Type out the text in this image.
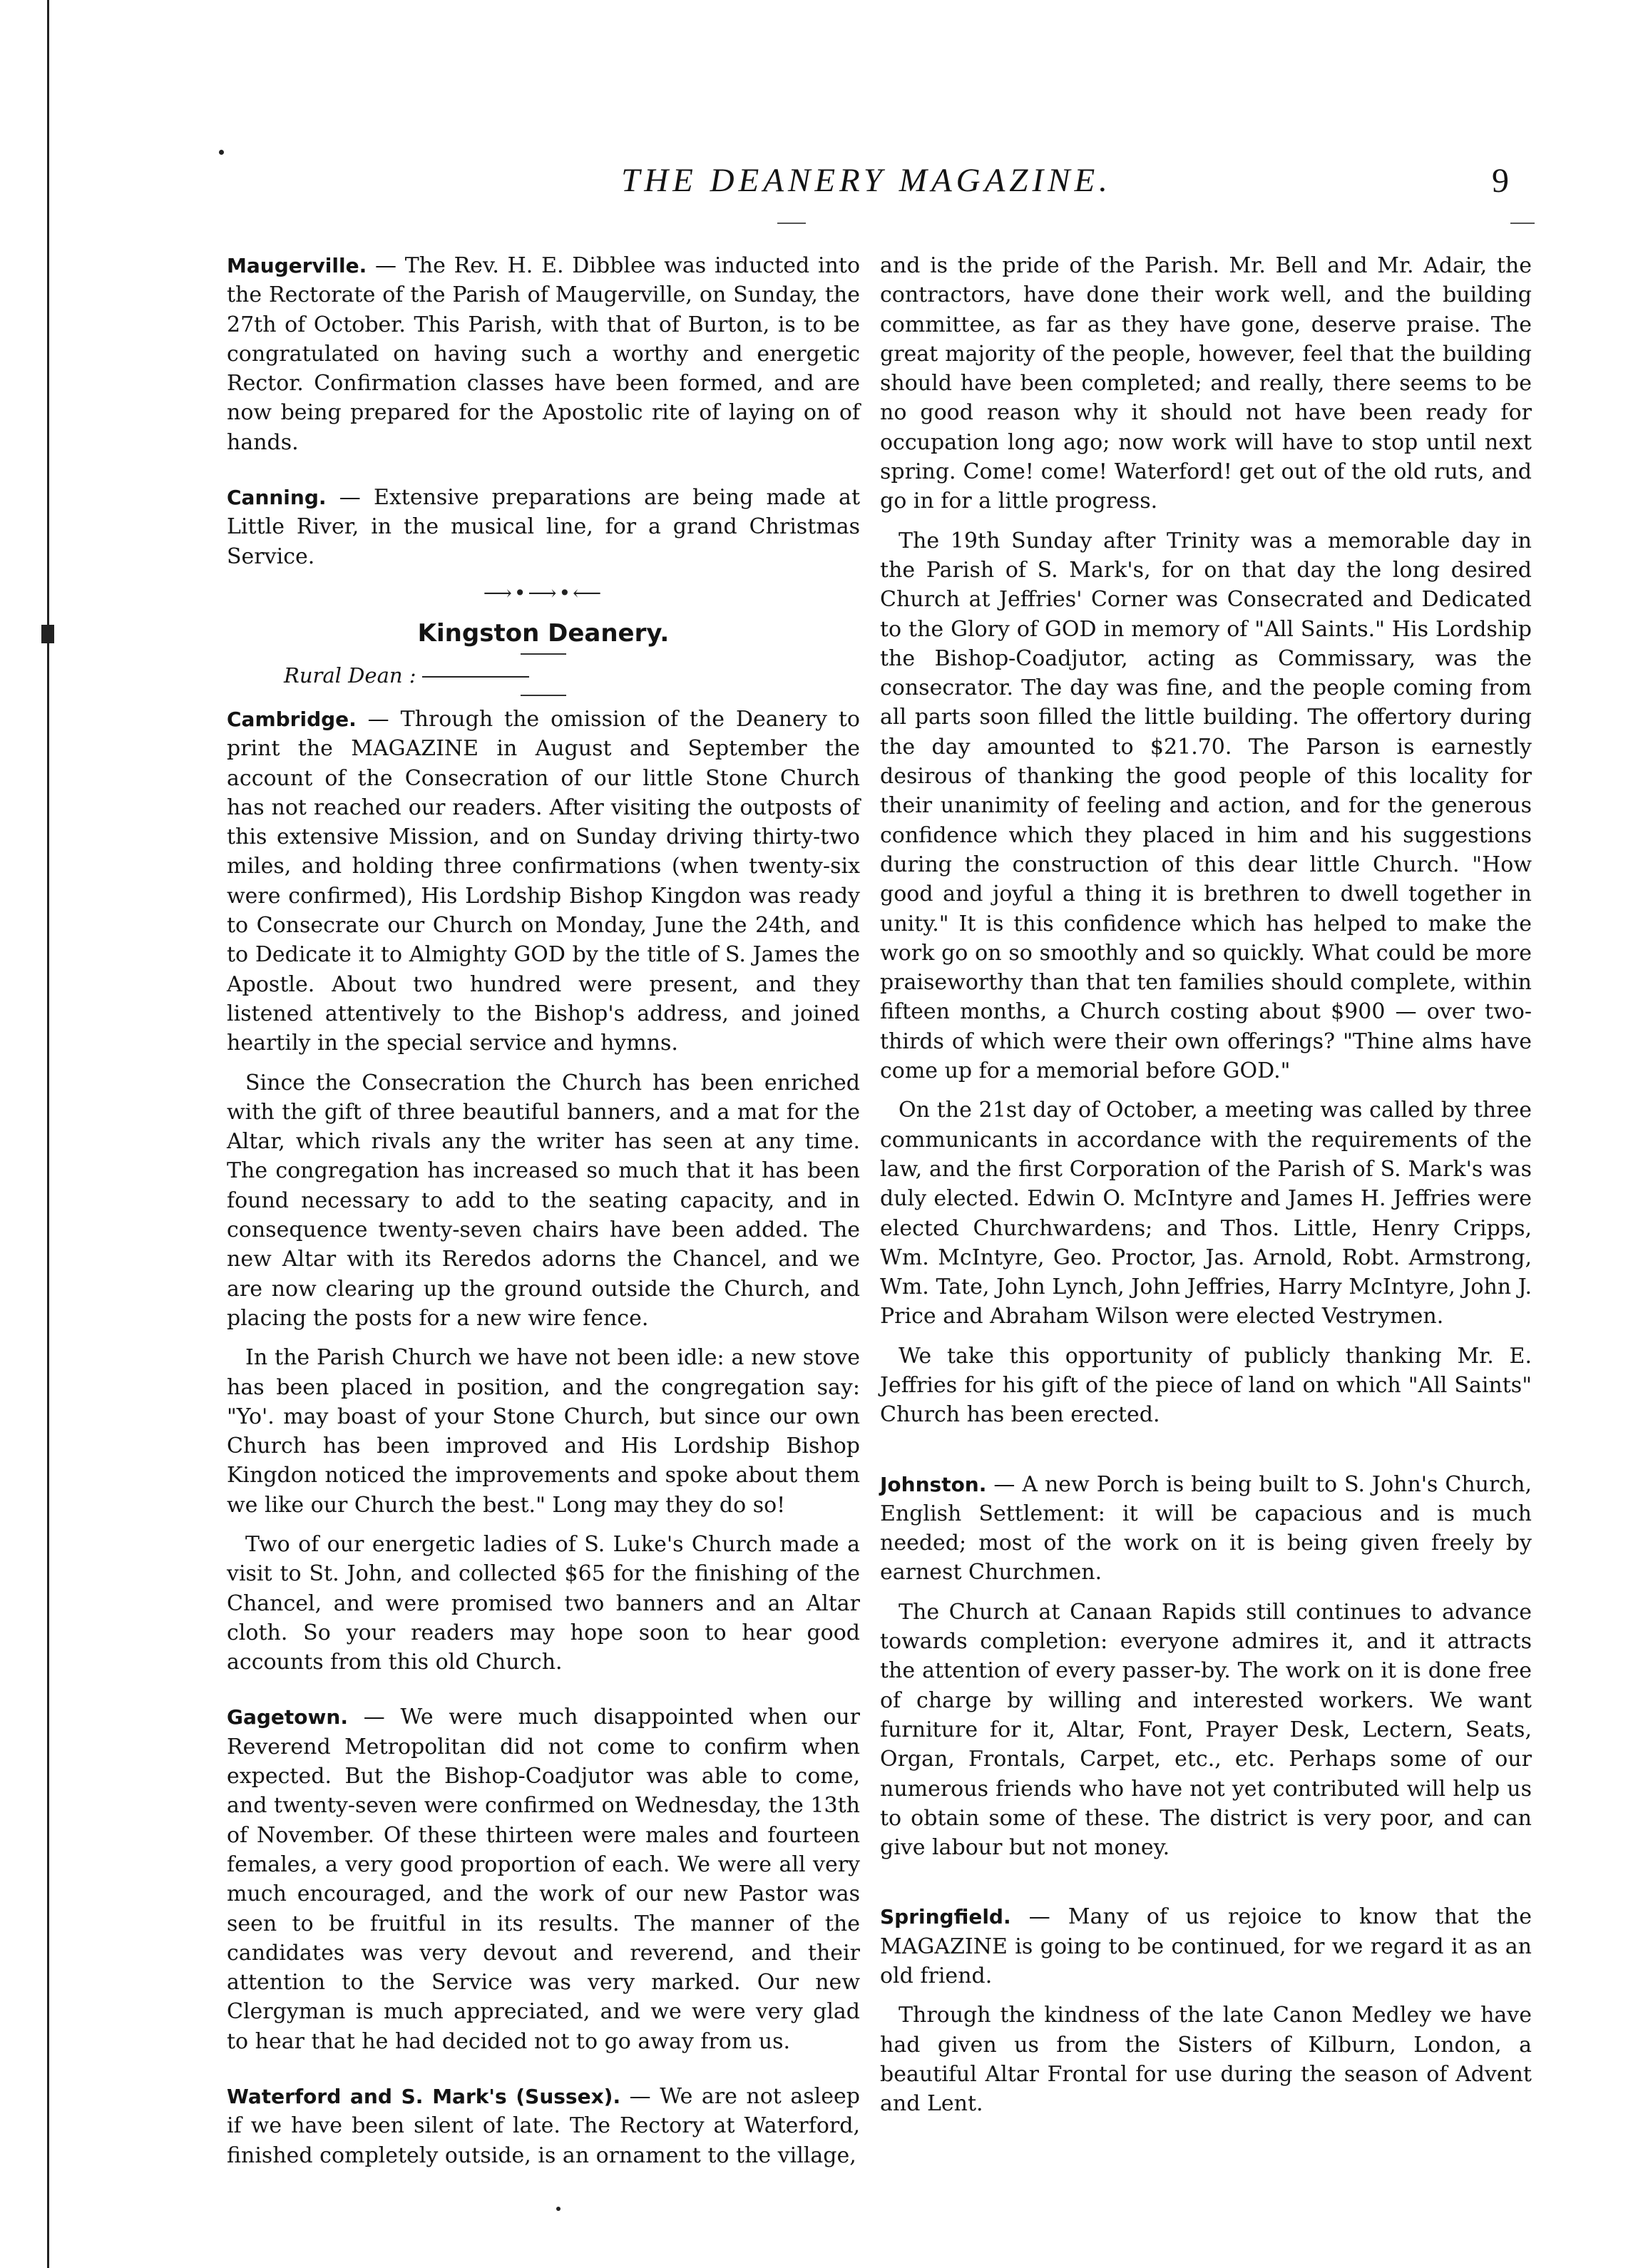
THE DEANERY MAGAZINE.	9

Maugerville. — The Rev. H. E. Dibblee was inducted into the Rectorate of the Parish of Maugerville, on Sunday, the 27th of October. This Parish, with that of Burton, is to be congratulated on having such a worthy and energetic Rector. Confirmation classes have been formed, and are now being prepared for the Apostolic rite of laying on of hands.

Canning. — Extensive preparations are being made at Little River, in the musical line, for a grand Christmas Service.

⟶•⟶•⟵
Kingston Deanery.
Rural Dean :

Cambridge. — Through the omission of the Deanery to print the MAGAZINE in August and September the account of the Consecration of our little Stone Church has not reached our readers. After visiting the outposts of this extensive Mission, and on Sunday driving thirty-two miles, and holding three confirmations (when twenty-six were confirmed), His Lordship Bishop Kingdon was ready to Consecrate our Church on Monday, June the 24th, and to Dedicate it to Almighty GOD by the title of S. James the Apostle. About two hundred were present, and they listened attentively to the Bishop's address, and joined heartily in the special service and hymns.

Since the Consecration the Church has been enriched with the gift of three beautiful banners, and a mat for the Altar, which rivals any the writer has seen at any time. The congregation has increased so much that it has been found necessary to add to the seating capacity, and in consequence twenty-seven chairs have been added. The new Altar with its Reredos adorns the Chancel, and we are now clearing up the ground outside the Church, and placing the posts for a new wire fence.

In the Parish Church we have not been idle: a new stove has been placed in position, and the congregation say: "Yo'. may boast of your Stone Church, but since our own Church has been improved and His Lordship Bishop Kingdon noticed the improvements and spoke about them we like our Church the best." Long may they do so!

Two of our energetic ladies of S. Luke's Church made a visit to St. John, and collected $65 for the finishing of the Chancel, and were promised two banners and an Altar cloth. So your readers may hope soon to hear good accounts from this old Church.

Gagetown. — We were much disappointed when our Reverend Metropolitan did not come to confirm when expected. But the Bishop-Coadjutor was able to come, and twenty-seven were confirmed on Wednesday, the 13th of November. Of these thirteen were males and fourteen females, a very good proportion of each. We were all very much encouraged, and the work of our new Pastor was seen to be fruitful in its results. The manner of the candidates was very devout and reverend, and their attention to the Service was very marked. Our new Clergyman is much appreciated, and we were very glad to hear that he had decided not to go away from us.

Waterford and S. Mark's (Sussex). — We are not asleep if we have been silent of late. The Rectory at Waterford, finished completely outside, is an ornament to the village,

and is the pride of the Parish. Mr. Bell and Mr. Adair, the contractors, have done their work well, and the building committee, as far as they have gone, deserve praise. The great majority of the people, however, feel that the building should have been completed; and really, there seems to be no good reason why it should not have been ready for occupation long ago; now work will have to stop until next spring. Come! come! Waterford! get out of the old ruts, and go in for a little progress.

The 19th Sunday after Trinity was a memorable day in the Parish of S. Mark's, for on that day the long desired Church at Jeffries' Corner was Consecrated and Dedicated to the Glory of GOD in memory of "All Saints." His Lordship the Bishop-Coadjutor, acting as Commissary, was the consecrator. The day was fine, and the people coming from all parts soon filled the little building. The offertory during the day amounted to $21.70. The Parson is earnestly desirous of thanking the good people of this locality for their unanimity of feeling and action, and for the generous confidence which they placed in him and his suggestions during the construction of this dear little Church. "How good and joyful a thing it is brethren to dwell together in unity." It is this confidence which has helped to make the work go on so smoothly and so quickly. What could be more praiseworthy than that ten families should complete, within fifteen months, a Church costing about $900 — over two-thirds of which were their own offerings? "Thine alms have come up for a memorial before GOD."

On the 21st day of October, a meeting was called by three communicants in accordance with the requirements of the law, and the first Corporation of the Parish of S. Mark's was duly elected. Edwin O. McIntyre and James H. Jeffries were elected Churchwardens; and Thos. Little, Henry Cripps, Wm. McIntyre, Geo. Proctor, Jas. Arnold, Robt. Armstrong, Wm. Tate, John Lynch, John Jeffries, Harry McIntyre, John J. Price and Abraham Wilson were elected Vestrymen.

We take this opportunity of publicly thanking Mr. E. Jeffries for his gift of the piece of land on which "All Saints" Church has been erected.

Johnston. — A new Porch is being built to S. John's Church, English Settlement: it will be capacious and is much needed; most of the work on it is being given freely by earnest Churchmen.

The Church at Canaan Rapids still continues to advance towards completion: everyone admires it, and it attracts the attention of every passer-by. The work on it is done free of charge by willing and interested workers. We want furniture for it, Altar, Font, Prayer Desk, Lectern, Seats, Organ, Frontals, Carpet, etc., etc. Perhaps some of our numerous friends who have not yet contributed will help us to obtain some of these. The district is very poor, and can give labour but not money.

Springfield. — Many of us rejoice to know that the MAGAZINE is going to be continued, for we regard it as an old friend.

Through the kindness of the late Canon Medley we have had given us from the Sisters of Kilburn, London, a beautiful Altar Frontal for use during the season of Advent and Lent.
